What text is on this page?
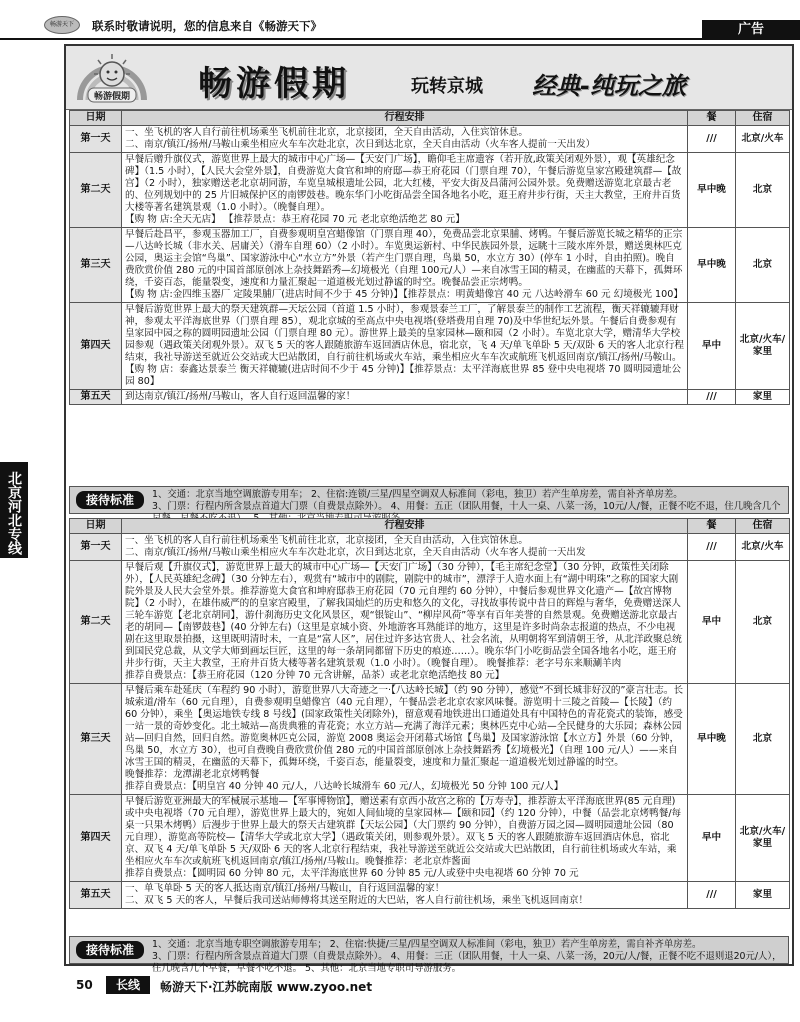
畅游天下	联系时敬请说明，您的信息来自《畅游天下》	广告
北京河北专线
畅游假期 畅游假期	玩转京城 经典-纯玩之旅
日期	行程安排	餐	住宿
第一天	一、坐飞机的客人自行前往机场乘坐飞机前往北京，北京接团，全天自由活动，入住宾馆休息。
二、南京/镇江/扬州/马鞍山乘坐相应火车车次赴北京，次日到达北京，全天自由活动（火车客人提前一天出发）	///	北京/火车
第二天	早餐后赠升旗仪式，游览世界上最大的城市中心广场—【天安门广场】，瞻仰毛主席遗容（若开放,政策关闭观外景），观【英雄纪念碑】（1.5 小时），【人民大会堂外景】，自费游览大食官和坤的府邸—恭王府花园（门票自理 70），午餐后游览皇家宫殿建筑群—【故宫】（2 小时），独家赠送老北京胡同游，车览皇城根遗址公园，北大红楼，平安大街及昌蒲河公园外景。免费赠送游览北京最古老的、位列规划中的 25 片旧城保护区的南锣鼓巷。晚东华门小吃街品尝全国各地名小吃，逛王府井步行街，天主大教堂，王府井百货大楼等著名建筑景观（1.0 小时）。（晚餐自理）。
【购 物 店:全天无店】 【推荐景点：恭王府花园 70 元 老北京绝活绝艺 80 元】	早中晚	北京
第三天	早餐后赴昌平，参观玉器加工厂，自费参观明皇宫蜡像馆（门票自理 40），免费品尝北京果脯、烤鸭。午餐后游览长城之精华的正宗—八达岭长城（非水关、居庸关）（滑车自理 60）（2 小时）。车览奥运新村、中华民族园外景，远眺十三陵水库外景，赠送奥林匹克公园，奥运主会馆“鸟巢”、国家游泳中心“水立方”外景（若产生门票自理，鸟巢 50，水立方 30）(停车 1 小时，自由拍照)。晚自费欣赏价值 280 元的中国首部原创冰上杂技舞蹈秀—幻境极光（自理 100元/人）—来自冰雪王国的精灵，在幽蓝的天幕下，孤舞环绕，千姿百态，能量裂变，速度和力量汇聚起一道道极光划过静谧的时空。晚餐品尝正宗烤鸭。
【购 物 店:金四维玉器厂 定陵果脯厂(进店时间不少于 45 分钟)】【推荐景点：明黄蜡像宫 40 元 八达岭滑车 60 元 幻境极光 100】	早中晚	北京
第四天	早餐后游览世界上最大的祭天建筑群—天坛公园（首道 1.5 小时），参观景泰兰工厂，了解景泰兰的制作工艺流程，衡天祥辘辘拜财神，参观太平洋海底世界（门票自理 85），观北京城的至高点中央电视塔(登塔费用自理 70)及中华世纪坛外景。午餐后自费参观有皇家园中园之称的圆明园遗址公园（门票自理 80 元）。游世界上最美的皇家园林—颐和园（2 小时）。车览北京大学，赠清华大学校园参观（遇政策关闭观外景）。双飞 5 天的客人跟随旅游车返回酒店休息，宿北京，飞 4 天/单飞单卧 5 天/双卧 6 天的客人北京行程结束，我社导游送至就近公交站或大巴站散团，自行前往机场或火车站，乘坐相应火车车次或航班飞机返回南京/镇江/扬州/马鞍山。
【购 物 店：泰鑫达景泰兰 衡天祥辘辘(进店时间不少于 45 分钟)】【推荐景点：太平洋海底世界 85 登中央电视塔 70 圆明园遗址公园 80】	早中	北京/火车/家里
第五天	到达南京/镇江/扬州/马鞍山，客人自行返回温馨的家！	///	家里
接待标准	1、交通：北京当地空调旅游专用车； 2、住宿:连锁/三星/四星空调双人标准间（彩电，独卫）若产生单房差，需自补齐单房差。
3、门票：行程内所含景点首道大门票（自费景点除外）。 4、用餐：五正（团队用餐，十人一桌、八菜一汤，10元/人/餐，正餐不吃不退，住几晚含几个
日期	行程安排	餐	住宿
第一天	一、坐飞机的客人自行前往机场乘坐飞机前往北京，北京接团，全天自由活动，入住宾馆休息。
二、南京/镇江/扬州/马鞍山乘坐相应火车车次赴北京，次日到达北京，全天自由活动（火车客人提前一天出发	///	北京/火车
第二天	早餐后观【升旗仪式】，游览世界上最大的城市中心广场—【天安门广场】（30 分钟），【毛主席纪念堂】（30 分钟，政策性关闭除外），【人民英雄纪念碑】（30 分钟左右），观赏有“城市中的剧院，剧院中的城市”，漂浮于人造水面上有“湖中明珠”之称的国家大剧院外景及人民大会堂外景。推荐游览大食官和坤府邸恭王府花园（70 元自理约 60 分钟），中餐后参观世界文化遗产—【故宫博物院】（2 小时），在雄伟威严的的皇家宫殿里，了解我国灿烂的历史和悠久的文化，寻找故事传说中昔日的辉煌与奢华，免费赠送深人三轮车游览【老北京胡同】，游什刹海历史文化风景区，观“银锭山”、“柳岸风荷”等享有百年美誉的自然景观。免费赠送游北京最古老的胡同—【南锣鼓巷】(40 分钟左右)（这里是京城小资、外地游客耳熟能详的地方，这里是许多时尚杂志报道的热点，不少电视剧在这里取景拍摄，这里既明清时未，一直是“富人区”，居住过许多达官贵人、社会名流，从明朝将军到清朝王爷，从北洋政聚总统到国民党总裁，从文学大师到画坛巨匠，这里的每一条胡同都留下历史的痕迹……）。晚东华门小吃街品尝全国各地名小吃，逛王府井步行街，天主大教堂，王府井百货大楼等著名建筑景观（1.0 小时）。（晚餐自理）。 晚餐推荐：老字号东来顺涮羊肉
推荐自费景点：【恭王府花园（120 分钟 70 元含讲解，品茶）或老北京绝活绝技 80 元】	早中	北京
第三天	早餐后乘车赴延庆（车程约 90 小时），游览世界八大奇迹之一·【八达岭长城】（约 90 分钟），感觉“不到长城非好汉的”豪言壮志。长城索道/滑车（60 元自理），自费参观明皇蜡像宫（40 元自理），午餐品尝老北京农家风味餐。游览明十三陵之首陵—【长陵】（约 60 分钟），乘坐【奥运地铁专线 8 号线】(国家政策性关闭除外)，留意观看地铁进出口通道处具有中国特色的青花瓷式的装饰，感受一站一景的奇妙变化。北土城站—高贵典雅的青花瓷；水立方站—充满了海洋元素；奥林匹克中心站—全民健身的大乐园；森林公园站—回归自然，回归自然。游览奥林匹克公园，游览 2008 奥运会开闭幕式场馆【鸟巢】及国家游泳馆【水立方】外景（60 分钟，鸟巢 50，水立方 30），也可自费晚自费欣赏价值 280 元的中国首部原创冰上杂技舞蹈秀【幻境极光】（自理 100 元/人）——来自冰雪王国的精灵，在幽蓝的天幕下，孤舞环绕，千姿百态，能量裂变，速度和力量汇聚起一道道极光划过静谧的时空。
晚餐推荐：龙潭湖老北京烤鸭餐
推荐自费景点：【明皇宫 40 分钟 40 元/人，八达岭长城滑车 60 元/人，幻境极光 50 分钟 100 元/人】	早中晚	北京
第四天	早餐后游览亚洲最大的军械展示基地—【军事博物馆】，赠送素有京西小故宫之称的【万寿寺】，推荐游太平洋海底世界(85 元自理)或中央电视塔（70 元自理），游览世界上最大的，宛如人间仙境的皇家园林—【颐和园】（约 120 分钟），中餐（品尝北京烤鸭餐/每桌一只果木烤鸭）后漫步于世界上最大的祭天古建筑群【天坛公园】（大门票约 90 分钟），自费游万园之园—圆明园遗址公园（80 元自理），游览高等院校—【清华大学或北京大学】（遇政策关闭，则参观外景）。双飞 5 天的客人跟随旅游车返回酒店休息，宿北京、双飞 4 天/单飞单卧 5 天/双卧 6 天的客人北京行程结束，我社导游送至就近公交站或大巴站散团，自行前往机场或火车站，乘坐相应火车车次或航班飞机返回南京/镇江/扬州/马鞍山。晚餐推荐：老北京炸酱面
推荐自费景点：【圆明园 60 分钟 80 元，太平洋海底世界 60 分钟 85 元/人或登中央电视塔 60 分钟 70 元	早中	北京/火车/家里
第五天	一、单飞单卧 5 天的客人抵达南京/镇江/扬州/马鞍山，自行返回温馨的家！
二、双飞 5 天的客人，早餐后我司送站师傅将其送至附近的大巴站，客人自行前往机场，乘坐飞机返回南京！	///	家里
接待标准	1、交通：北京当地专职空调旅游专用车； 2、住宿:快捷/三星/四星空调双人标准间（彩电，独卫）若产生单房差，需自补齐单房差。
3、门票：行程内所含景点首道大门票（自费景点除外）。 4、用餐：三正（团队用餐，十人一桌、八菜一汤，20元/人/餐，正餐不吃不退则退20元/人），住几晚含几个早餐，早餐不吃不退。 5、其他：北京当地专职司导游服务。
50	长线	畅游天下·江苏皖南版 www.zyoo.net
